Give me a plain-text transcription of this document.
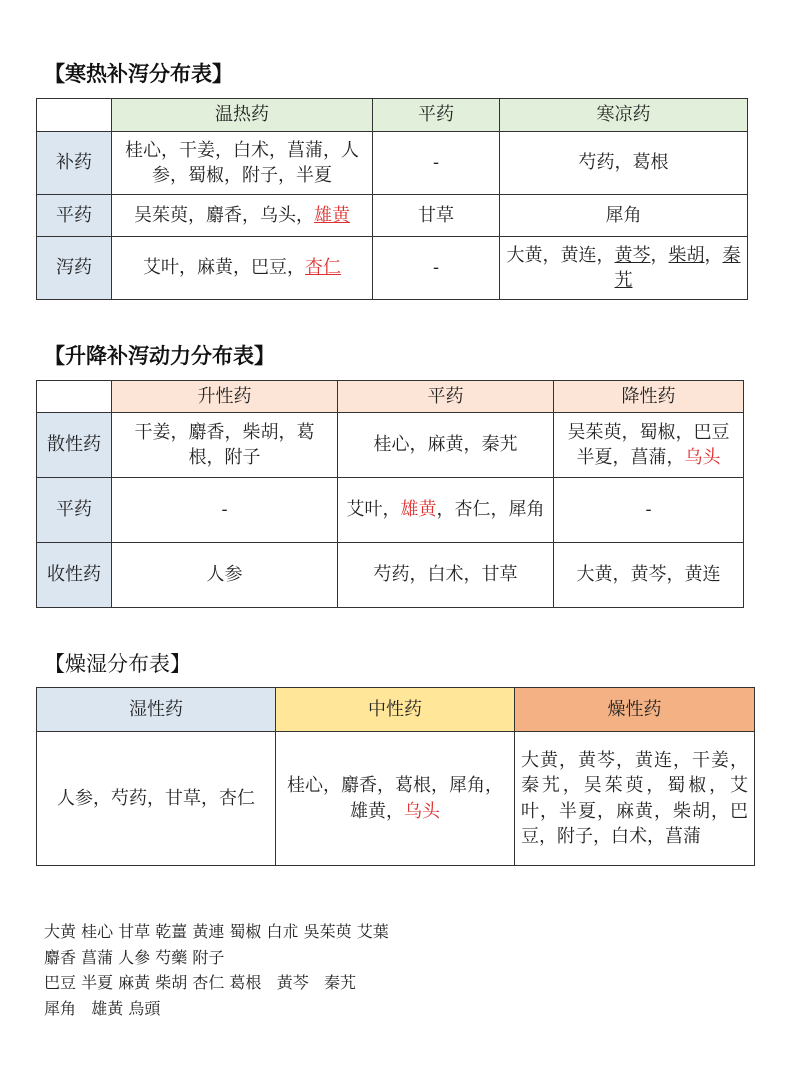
【寒热补泻分布表】
	温热药	平药	寒凉药
补药	桂心，干姜，白术，菖蒲，人参，蜀椒，附子，半夏	-	芍药，葛根
平药	吴茱萸，麝香，乌头，雄黄	甘草	犀角
泻药	艾叶，麻黄，巴豆，杏仁	-	大黄，黄连，黄芩，柴胡，秦艽
【升降补泻动力分布表】
	升性药	平药	降性药
散性药	干姜，麝香，柴胡，葛根，附子	桂心，麻黄，秦艽	吴茱萸，蜀椒，巴豆半夏，菖蒲，乌头
平药	-	艾叶，雄黄，杏仁，犀角	-
收性药	人参	芍药，白术，甘草	大黄，黄芩，黄连
【燥湿分布表】
湿性药	中性药	燥性药
人参，芍药，甘草，杏仁	桂心，麝香，葛根，犀角，雄黄，乌头	大黄，黄芩，黄连，干姜，秦艽，吴茱萸，蜀椒，艾叶，半夏，麻黄，柴胡，巴豆，附子，白术，菖蒲
大黄 桂心 甘草 乾薑 黃連 蜀椒 白朮 吳茱萸 艾葉
麝香 菖蒲 人參 芍藥 附子
巴豆 半夏 麻黃 柴胡 杏仁 葛根   黃芩   秦艽
犀角   雄黃 烏頭
